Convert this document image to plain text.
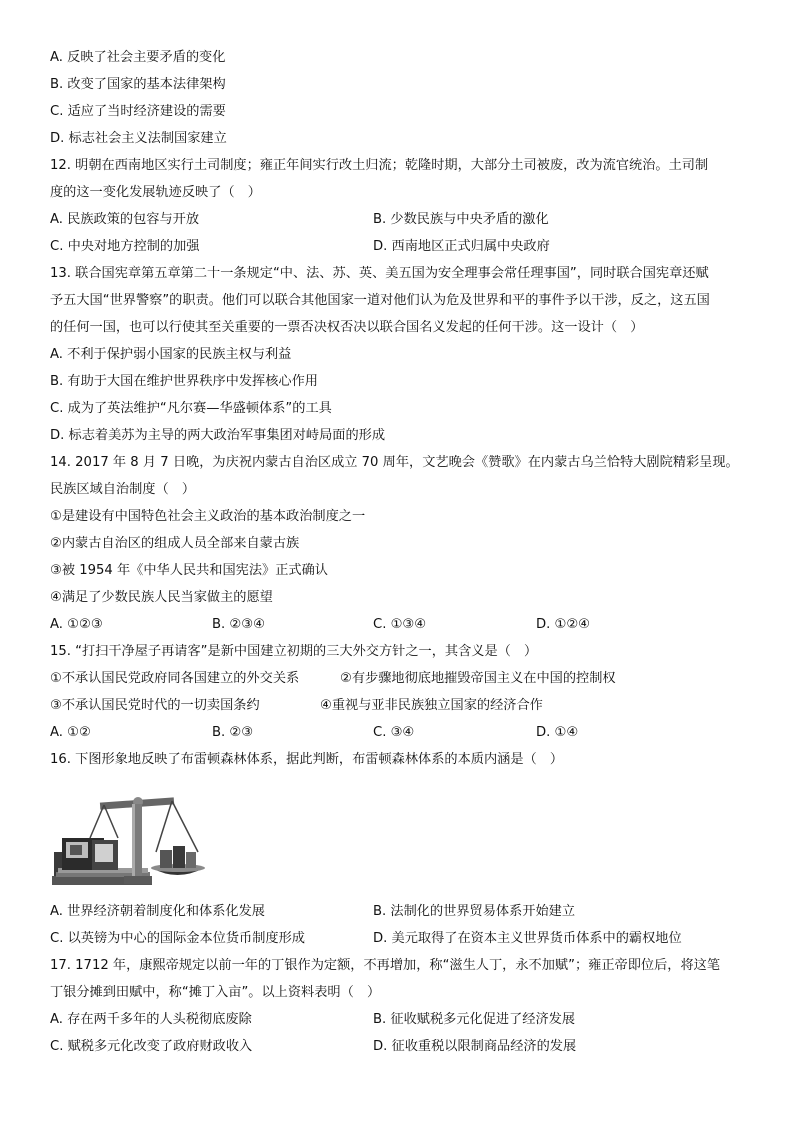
A. 反映了社会主要矛盾的变化
B. 改变了国家的基本法律架构
C. 适应了当时经济建设的需要
D. 标志社会主义法制国家建立
12. 明朝在西南地区实行土司制度；雍正年间实行改土归流；乾隆时期，大部分土司被废，改为流官统治。土司制
度的这一变化发展轨迹反映了（　）
A. 民族政策的包容与开放	B. 少数民族与中央矛盾的激化
C. 中央对地方控制的加强	D. 西南地区正式归属中央政府
13. 联合国宪章第五章第二十一条规定“中、法、苏、英、美五国为安全理事会常任理事国”，同时联合国宪章还赋
予五大国“世界警察”的职责。他们可以联合其他国家一道对他们认为危及世界和平的事件予以干涉，反之，这五国
的任何一国，也可以行使其至关重要的一票否决权否决以联合国名义发起的任何干涉。这一设计（　）
A. 不利于保护弱小国家的民族主权与利益
B. 有助于大国在维护世界秩序中发挥核心作用
C. 成为了英法维护“凡尔赛—华盛顿体系”的工具
D. 标志着美苏为主导的两大政治军事集团对峙局面的形成
14. 2017 年 8 月 7 日晚，为庆祝内蒙古自治区成立 70 周年，文艺晚会《赞歌》在内蒙古乌兰恰特大剧院精彩呈现。
民族区域自治制度（　）
①是建设有中国特色社会主义政治的基本政治制度之一
②内蒙古自治区的组成人员全部来自蒙古族
③被 1954 年《中华人民共和国宪法》正式确认
④满足了少数民族人民当家做主的愿望
A. ①②③	B. ②③④	C. ①③④	D. ①②④
15. “打扫干净屋子再请客”是新中国建立初期的三大外交方针之一，其含义是（　）
①不承认国民党政府同各国建立的外交关系	②有步骤地彻底地摧毁帝国主义在中国的控制权
③不承认国民党时代的一切卖国条约	④重视与亚非民族独立国家的经济合作
A. ①②	B. ②③	C. ③④	D. ①④
16. 下图形象地反映了布雷顿森林体系，据此判断，布雷顿森林体系的本质内涵是（　）
A. 世界经济朝着制度化和体系化发展	B. 法制化的世界贸易体系开始建立
C. 以英镑为中心的国际金本位货币制度形成	D. 美元取得了在资本主义世界货币体系中的霸权地位
17. 1712 年，康熙帝规定以前一年的丁银作为定额，不再增加，称“滋生人丁，永不加赋”；雍正帝即位后，将这笔
丁银分摊到田赋中，称“摊丁入亩”。以上资料表明（　）
A. 存在两千多年的人头税彻底废除	B. 征收赋税多元化促进了经济发展
C. 赋税多元化改变了政府财政收入	D. 征收重税以限制商品经济的发展
